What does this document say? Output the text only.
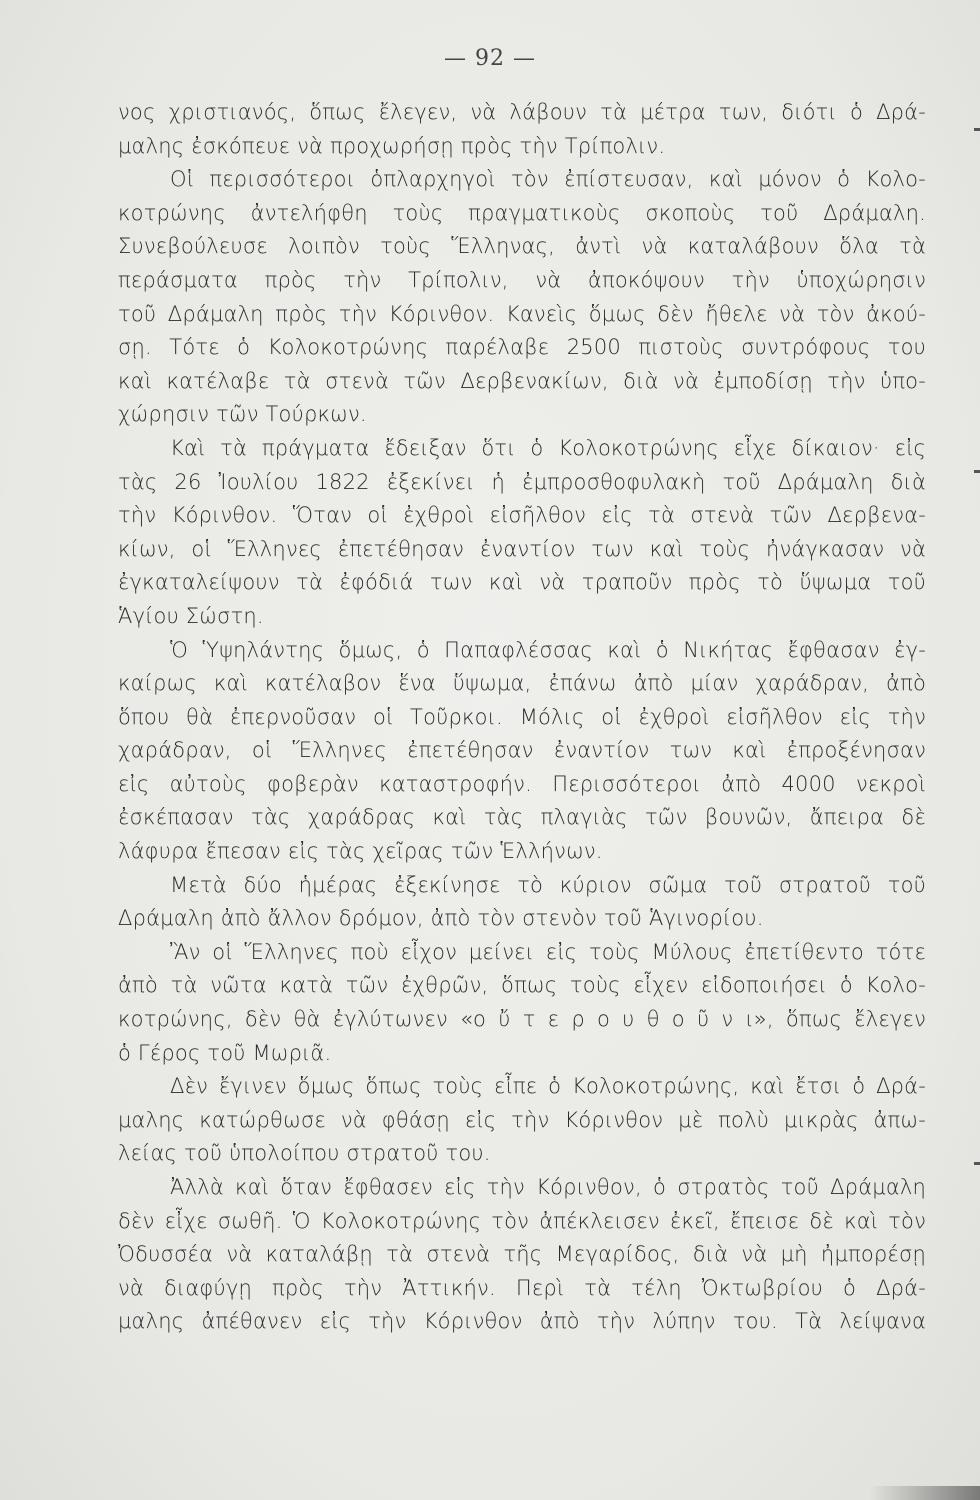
— 92 —
νος χριστιανός, ὅπως ἔλεγεν, νὰ λάβουν τὰ μέτρα των, διότι ὁ Δρά-
μαλης ἐσκόπευε νὰ προχωρήσῃ πρὸς τὴν Τρίπολιν.
Οἱ περισσότεροι ὁπλαρχηγοὶ τὸν ἐπίστευσαν, καὶ μόνον ὁ Κολο-
κοτρώνης ἀντελήφθη τοὺς πραγματικοὺς σκοποὺς τοῦ Δράμαλη.
Συνεβούλευσε λοιπὸν τοὺς Ἕλληνας, ἀντὶ νὰ καταλάβουν ὅλα τὰ
περάσματα πρὸς τὴν Τρίπολιν, νὰ ἀποκόψουν τὴν ὑποχώρησιν
τοῦ Δράμαλη πρὸς τὴν Κόρινθον. Κανεὶς ὅμως δὲν ἤθελε νὰ τὸν ἀκού-
σῃ. Τότε ὁ Κολοκοτρώνης παρέλαβε 2500 πιστοὺς συντρόφους του
καὶ κατέλαβε τὰ στενὰ τῶν Δερβενακίων, διὰ νὰ ἐμποδίσῃ τὴν ὑπο-
χώρησιν τῶν Τούρκων.
Καὶ τὰ πράγματα ἔδειξαν ὅτι ὁ Κολοκοτρώνης εἶχε δίκαιον· εἰς
τὰς 26 Ἰουλίου 1822 ἐξεκίνει ἡ ἐμπροσθοφυλακὴ τοῦ Δράμαλη διὰ
τὴν Κόρινθον. Ὅταν οἱ ἐχθροὶ εἰσῆλθον εἰς τὰ στενὰ τῶν Δερβενα-
κίων, οἱ Ἕλληνες ἐπετέθησαν ἐναντίον των καὶ τοὺς ἠνάγκασαν νὰ
ἐγκαταλείψουν τὰ ἐφόδιά των καὶ νὰ τραποῦν πρὸς τὸ ὕψωμα τοῦ
Ἁγίου Σώστη.
Ὁ Ὑψηλάντης ὅμως, ὁ Παπαφλέσσας καὶ ὁ Νικήτας ἔφθασαν ἐγ-
καίρως καὶ κατέλαβον ἕνα ὕψωμα, ἐπάνω ἀπὸ μίαν χαράδραν, ἀπὸ
ὅπου θὰ ἐπερνοῦσαν οἱ Τοῦρκοι. Μόλις οἱ ἐχθροὶ εἰσῆλθον εἰς τὴν
χαράδραν, οἱ Ἕλληνες ἐπετέθησαν ἐναντίον των καὶ ἐπροξένησαν
εἰς αὐτοὺς φοβερὰν καταστροφήν. Περισσότεροι ἀπὸ 4000 νεκροὶ
ἐσκέπασαν τὰς χαράδρας καὶ τὰς πλαγιὰς τῶν βουνῶν, ἄπειρα δὲ
λάφυρα ἔπεσαν εἰς τὰς χεῖρας τῶν Ἑλλήνων.
Μετὰ δύο ἡμέρας ἐξεκίνησε τὸ κύριον σῶμα τοῦ στρατοῦ τοῦ
Δράμαλη ἀπὸ ἄλλον δρόμον, ἀπὸ τὸν στενὸν τοῦ Ἁγινορίου.
Ἂν οἱ Ἕλληνες ποὺ εἶχον μείνει εἰς τοὺς Μύλους ἐπετίθεντο τότε
ἀπὸ τὰ νῶτα κατὰ τῶν ἐχθρῶν, ὅπως τοὺς εἶχεν εἰδοποιήσει ὁ Κολο-
κοτρώνης, δὲν θὰ ἐγλύτωνεν «ο ὔ τ ε ρ ο υ θ ο ῦ ν ι», ὅπως ἔλεγεν
ὁ Γέρος τοῦ Μωριᾶ.
Δὲν ἔγινεν ὅμως ὅπως τοὺς εἶπε ὁ Κολοκοτρώνης, καὶ ἔτσι ὁ Δρά-
μαλης κατώρθωσε νὰ φθάσῃ εἰς τὴν Κόρινθον μὲ πολὺ μικρὰς ἀπω-
λείας τοῦ ὑπολοίπου στρατοῦ του.
Ἀλλὰ καὶ ὅταν ἔφθασεν εἰς τὴν Κόρινθον, ὁ στρατὸς τοῦ Δράμαλη
δὲν εἶχε σωθῆ. Ὁ Κολοκοτρώνης τὸν ἀπέκλεισεν ἐκεῖ, ἔπεισε δὲ καὶ τὸν
Ὀδυσσέα νὰ καταλάβῃ τὰ στενὰ τῆς Μεγαρίδος, διὰ νὰ μὴ ἠμπορέσῃ
νὰ διαφύγῃ πρὸς τὴν Ἀττικήν. Περὶ τὰ τέλη Ὀκτωβρίου ὁ Δρά-
μαλης ἀπέθανεν εἰς τὴν Κόρινθον ἀπὸ τὴν λύπην του. Τὰ λείψανα
